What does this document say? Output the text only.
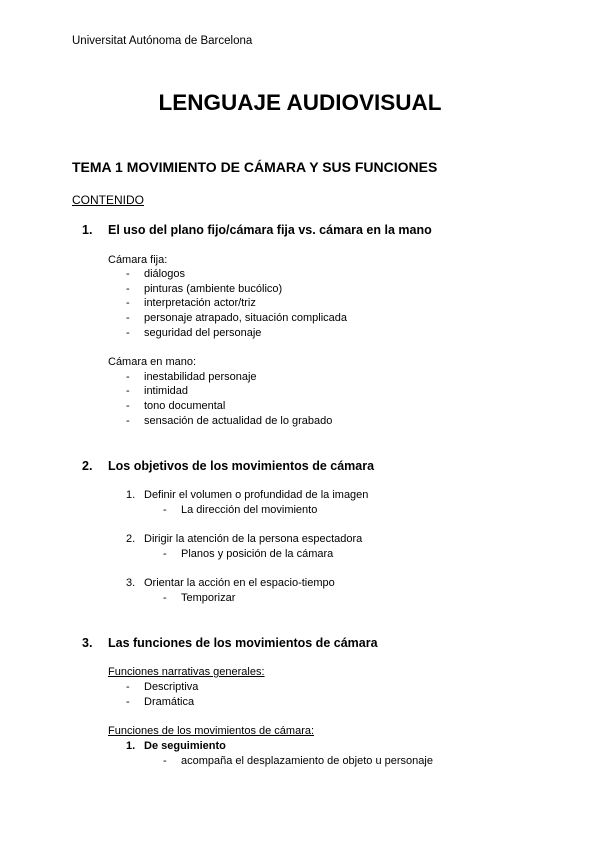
Universitat Autónoma de Barcelona
LENGUAJE AUDIOVISUAL
TEMA 1 MOVIMIENTO DE CÁMARA Y SUS FUNCIONES
CONTENIDO
1. El uso del plano fijo/cámara fija vs. cámara en la mano
Cámara fija:
- diálogos
- pinturas (ambiente bucólico)
- interpretación actor/triz
- personaje atrapado, situación complicada
- seguridad del personaje
Cámara en mano:
- inestabilidad personaje
- intimidad
- tono documental
- sensación de actualidad de lo grabado
2. Los objetivos de los movimientos de cámara
1. Definir el volumen o profundidad de la imagen
- La dirección del movimiento
2. Dirigir la atención de la persona espectadora
- Planos y posición de la cámara
3. Orientar la acción en el espacio-tiempo
- Temporizar
3. Las funciones de los movimientos de cámara
Funciones narrativas generales:
- Descriptiva
- Dramática
Funciones de los movimientos de cámara:
1. De seguimiento
- acompaña el desplazamiento de objeto u personaje
